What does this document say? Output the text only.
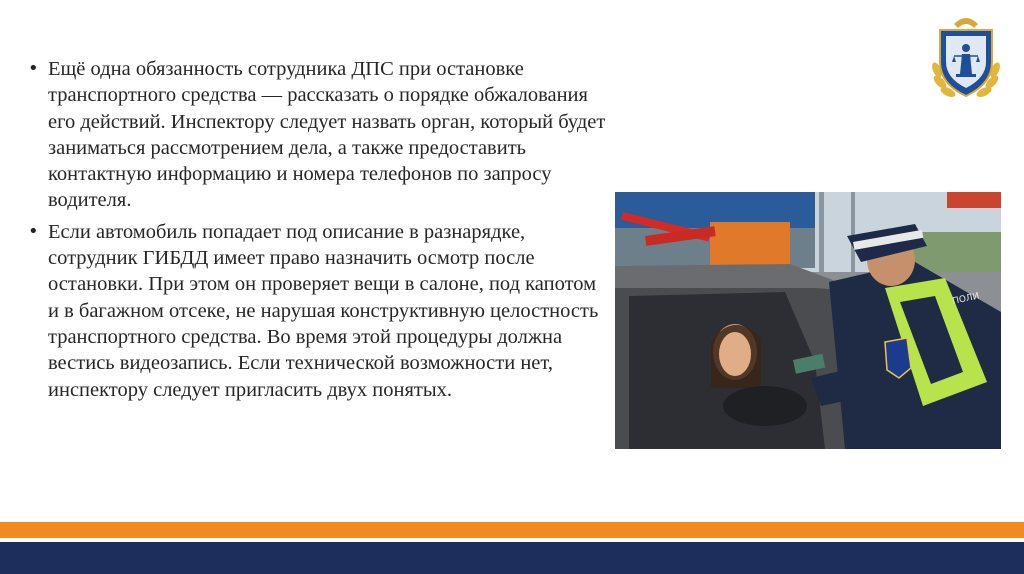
• Ещё одна обязанность сотрудника ДПС при остановке транспортного средства — рассказать о порядке обжалования его действий. Инспектору следует назвать орган, который будет заниматься рассмотрением дела, а также предоставить контактную информацию и номера телефонов по запросу водителя.
• Если автомобиль попадает под описание в разнарядке, сотрудник ГИБДД имеет право назначить осмотр после остановки. При этом он проверяет вещи в салоне, под капотом и в багажном отсеке, не нарушая конструктивную целостность транспортного средства. Во время этой процедуры должна вестись видеозапись. Если технической возможности нет, инспектору следует пригласить двух понятых.
ПОЛИ
